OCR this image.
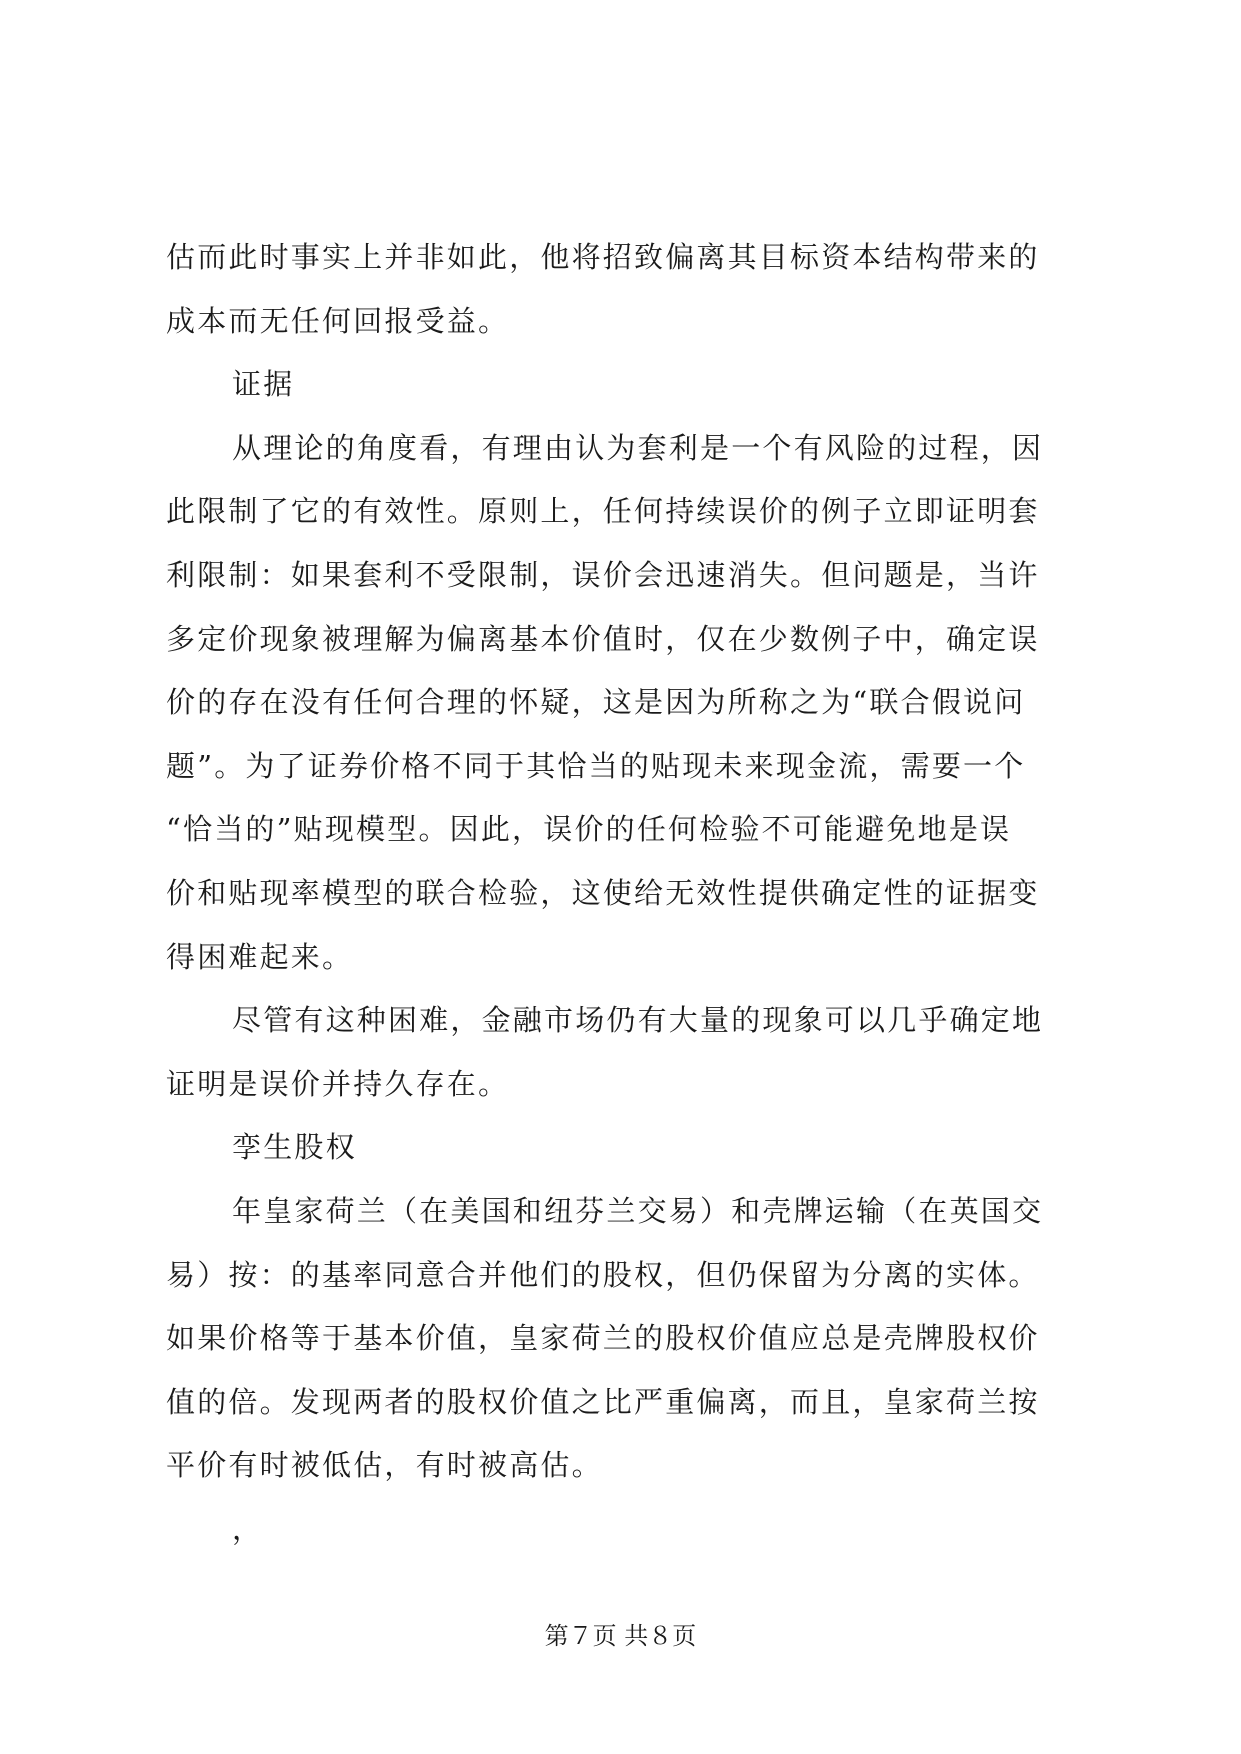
估而此时事实上并非如此，他将招致偏离其目标资本结构带来的
成本而无任何回报受益。
证据
从理论的角度看，有理由认为套利是一个有风险的过程，因
此限制了它的有效性。原则上，任何持续误价的例子立即证明套
利限制：如果套利不受限制，误价会迅速消失。但问题是，当许
多定价现象被理解为偏离基本价值时，仅在少数例子中，确定误
价的存在没有任何合理的怀疑，这是因为所称之为“联合假说问
题”。为了证券价格不同于其恰当的贴现未来现金流，需要一个
“恰当的”贴现模型。因此，误价的任何检验不可能避免地是误
价和贴现率模型的联合检验，这使给无效性提供确定性的证据变
得困难起来。
尽管有这种困难，金融市场仍有大量的现象可以几乎确定地
证明是误价并持久存在。
孪生股权
年皇家荷兰（在美国和纽芬兰交易）和壳牌运输（在英国交
易）按：的基率同意合并他们的股权，但仍保留为分离的实体。
如果价格等于基本价值，皇家荷兰的股权价值应总是壳牌股权价
值的倍。发现两者的股权价值之比严重偏离，而且，皇家荷兰按
平价有时被低估，有时被高估。
，
第７页 共８页
